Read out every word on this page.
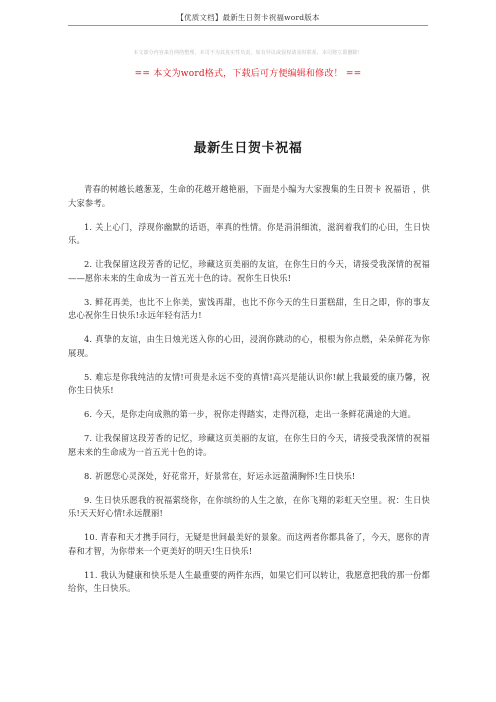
【优质文档】最新生日贺卡祝福word版本
本文部分内容来自网络整理，本司不为其真实性负责，如有异议或侵权请及时联系，本司将立即删除！
== 本文为word格式，下载后可方便编辑和修改！ ==
最新生日贺卡祝福

青春的树越长越葱茏，生命的花越开越艳丽，下面是小编为大家搜集的生日贺卡 祝福语 ，供大家参考。

1. 关上心门，浮现你幽默的话语，率真的性情。你是涓涓细流，滋润着我们的心田，生日快乐。

2. 让我保留这段芳香的记忆，珍藏这页美丽的友谊，在你生日的今天，请接受我深情的祝福——愿你未来的生命成为一首五光十色的诗。祝你生日快乐!

3. 鲜花再美，也比不上你美，蜜饯再甜，也比不你今天的生日蛋糕甜，生日之即，你的事友忠心祝你生日快乐!永远年轻有活力!

4. 真挚的友谊，由生日烛光送入你的心田，浸润你跳动的心，根根为你点燃，朵朵鲜花为你展现。

5. 难忘是你我纯洁的友情!可贵是永远不变的真情!高兴是能认识你!献上我最爱的康乃馨，祝你生日快乐!

6. 今天，是你走向成熟的第一步，祝你走得踏实，走得沉稳，走出一条鲜花满途的大道。

7. 让我保留这段芳香的记忆，珍藏这页美丽的友谊，在你生日的今天，请接受我深情的祝福愿未来的生命成为一首五光十色的诗。

8. 祈愿您心灵深处，好花常开，好景常在，好运永远盈满胸怀!生日快乐!

9. 生日快乐愿我的祝福萦绕你，在你缤纷的人生之旅，在你飞翔的彩虹天空里。祝：生日快乐!天天好心情!永远靓丽!

10. 青春和天才携手同行，无疑是世间最美好的景象。而这两者你都具备了，今天，愿你的青春和才智，为你带来一个更美好的明天!生日快乐!

11. 我认为健康和快乐是人生最重要的两件东西，如果它们可以转让，我愿意把我的那一份都给你，生日快乐。
